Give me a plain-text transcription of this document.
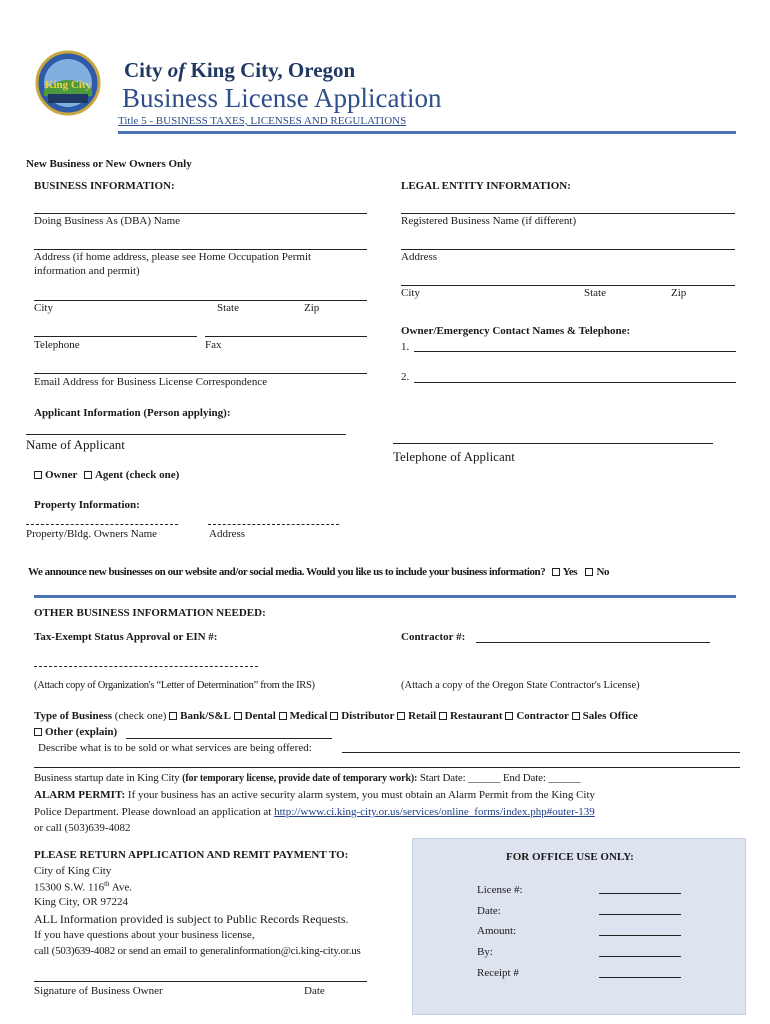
King City
City of King City, Oregon
Business License Application
Title 5 - BUSINESS TAXES, LICENSES AND REGULATIONS
New Business or New Owners Only
BUSINESS INFORMATION:	LEGAL ENTITY INFORMATION:
Doing Business As (DBA) Name
Address (if home address, please see Home Occupation Permit
information and permit)
City	State	Zip
Telephone	Fax
Email Address for Business License Correspondence
Registered Business Name (if different)
Address
City	State	Zip
Owner/Emergency Contact Names & Telephone:
1.
2.
Applicant Information (Person applying):
Name of Applicant
Telephone of Applicant
Owner Agent (check one)
Property Information:
Property/Bldg. Owners Name	Address
We announce new businesses on our website and/or social media. Would you like us to include your business information? Yes No
OTHER BUSINESS INFORMATION NEEDED:
Tax-Exempt Status Approval or EIN #:	Contractor #:
(Attach copy of Organization's “Letter of Determination” from the IRS)	(Attach a copy of the Oregon State Contractor's License)
Type of Business (check one) Bank/S&L Dental Medical Distributor Retail Restaurant Contractor Sales Office
Other (explain)
Describe what is to be sold or what services are being offered:
Business startup date in King City (for temporary license, provide date of temporary work): Start Date: ______ End Date: ______
ALARM PERMIT: If your business has an active security alarm system, you must obtain an Alarm Permit from the King City
Police Department. Please download an application at http://www.ci.king-city.or.us/services/online_forms/index.php#outer-139
or call (503)639-4082
FOR OFFICE USE ONLY:
License #:
Date:
Amount:
By:
Receipt #
PLEASE RETURN APPLICATION AND REMIT PAYMENT TO:
City of King City
15300 S.W. 116th Ave.
King City, OR 97224
ALL Information provided is subject to Public Records Requests.
If you have questions about your business license,
call (503)639-4082 or send an email to generalinformation@ci.king-city.or.us
Signature of Business Owner	Date
